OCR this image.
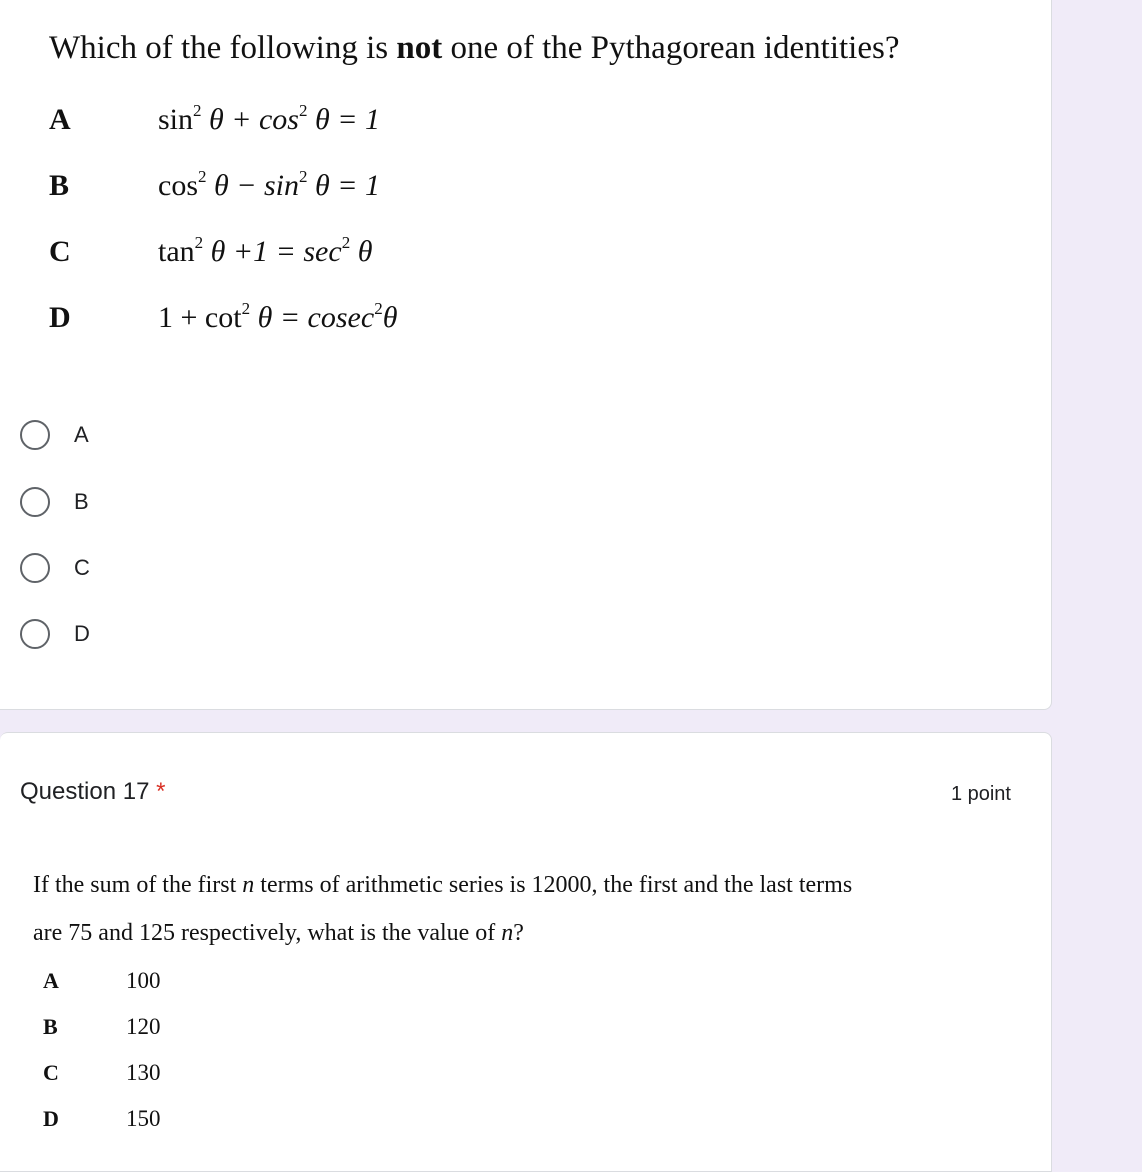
Which of the following is not one of the Pythagorean identities?
A	$\sin^2 \theta + \cos^2 \theta = 1$
B	$\cos^2 \theta - \sin^2 \theta = 1$
C	$\tan^2 \theta +1 = \sec^2 \theta$
D	$1 + \cot^2 \theta = cosec^2\theta$
A
B
C
D
Question 17 *	1 point
If the sum of the first n terms of arithmetic series is 12000, the first and the last terms
are 75 and 125 respectively, what is the value of n?
A	100
B	120
C	130
D	150
